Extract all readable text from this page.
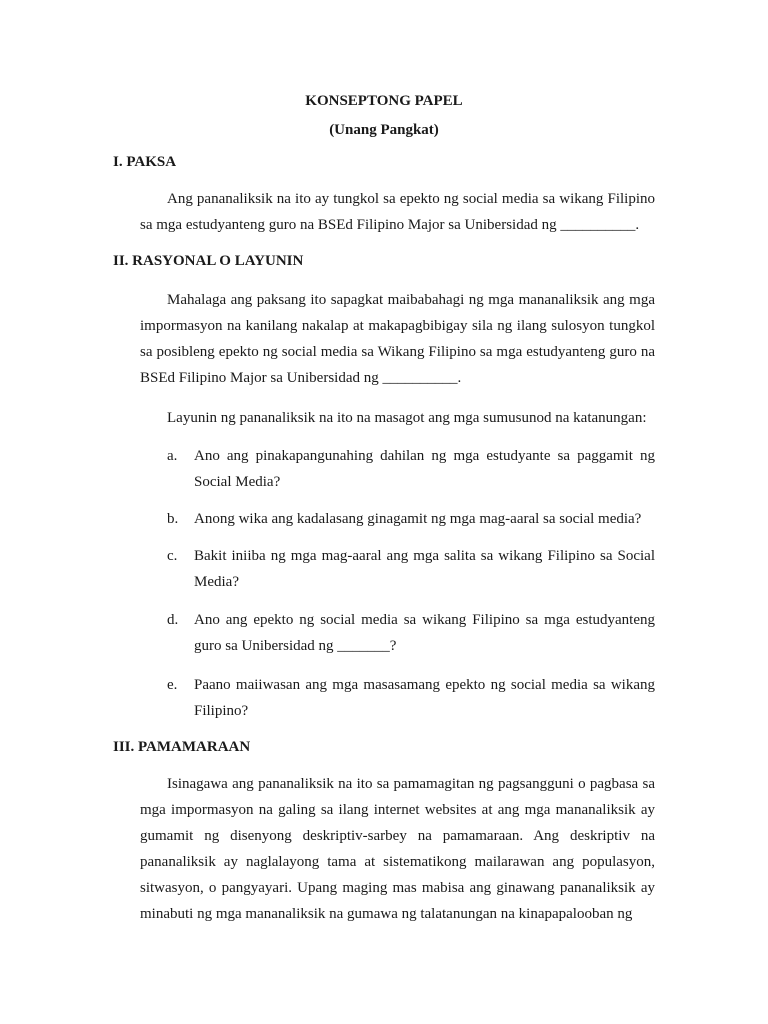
KONSEPTONG PAPEL
(Unang Pangkat)
I. PAKSA

Ang pananaliksik na ito ay tungkol sa epekto ng social media sa wikang Filipino sa mga estudyanteng guro na BSEd Filipino Major sa Unibersidad ng __________.

II. RASYONAL O LAYUNIN

Mahalaga ang paksang ito sapagkat maibabahagi ng mga mananaliksik ang mga impormasyon na kanilang nakalap at makapagbibigay sila ng ilang sulosyon tungkol sa posibleng epekto ng social media sa Wikang Filipino sa mga estudyanteng guro na BSEd Filipino Major sa Unibersidad ng __________.

Layunin ng pananaliksik na ito na masagot ang mga sumusunod na katanungan:

a. Ano ang pinakapangunahing dahilan ng mga estudyante sa paggamit ng Social Media?
b. Anong wika ang kadalasang ginagamit ng mga mag-aaral sa social media?
c. Bakit iniiba ng mga mag-aaral ang mga salita sa wikang Filipino sa Social Media?
d. Ano ang epekto ng social media sa wikang Filipino sa mga estudyanteng guro sa Unibersidad ng _______?
e. Paano maiiwasan ang mga masasamang epekto ng social media sa wikang Filipino?
III. PAMAMARAAN

Isinagawa ang pananaliksik na ito sa pamamagitan ng pagsangguni o pagbasa sa mga impormasyon na galing sa ilang internet websites at ang mga mananaliksik ay gumamit ng disenyong deskriptiv-sarbey na pamamaraan. Ang deskriptiv na pananaliksik ay naglalayong tama at sistematikong mailarawan ang populasyon, sitwasyon, o pangyayari. Upang maging mas mabisa ang ginawang pananaliksik ay minabuti ng mga mananaliksik na gumawa ng talatanungan na kinapapalooban ng
